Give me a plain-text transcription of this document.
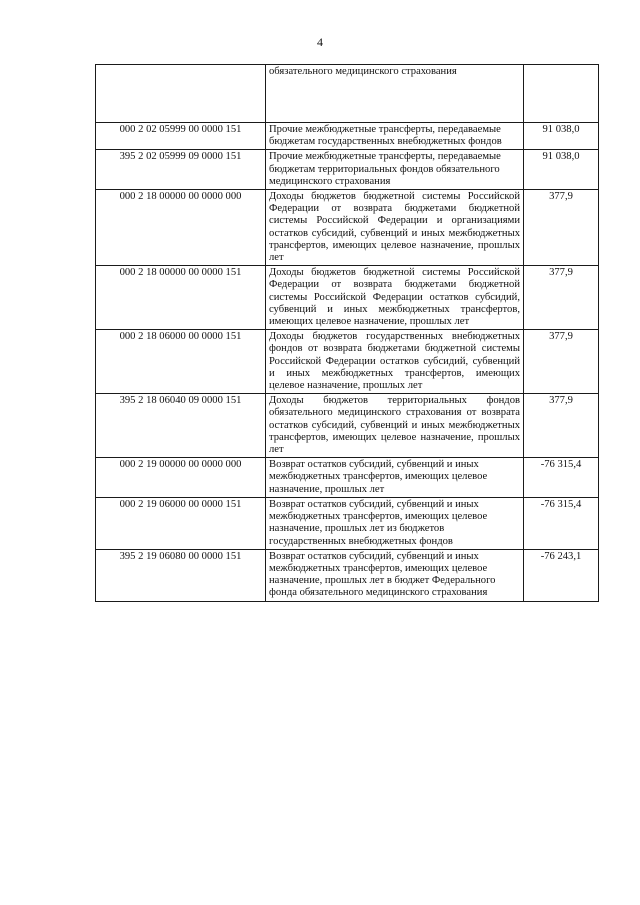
4
	обязательного медицинского страхования	
000 2 02 05999 00 0000 151	Прочие межбюджетные трансферты, передаваемые бюджетам государственных внебюджетных фондов	91 038,0
395 2 02 05999 09 0000 151	Прочие межбюджетные трансферты, передаваемые бюджетам территориальных фондов обязательного медицинского страхования	91 038,0
000 2 18 00000 00 0000 000	Доходы бюджетов бюджетной системы Российской Федерации от возврата бюджетами бюджетной системы Российской Федерации и организациями остатков субсидий, субвенций и иных межбюджетных трансфертов, имеющих целевое назначение, прошлых лет	377,9
000 2 18 00000 00 0000 151	Доходы бюджетов бюджетной системы Российской Федерации от возврата бюджетами бюджетной системы Российской Федерации остатков субсидий, субвенций и иных межбюджетных трансфертов, имеющих целевое назначение, прошлых лет	377,9
000 2 18 06000 00 0000 151	Доходы бюджетов государственных внебюджетных фондов от возврата бюджетами бюджетной системы Российской Федерации остатков субсидий, субвенций и иных межбюджетных трансфертов, имеющих целевое назначение, прошлых лет	377,9
395 2 18 06040 09 0000 151	Доходы бюджетов территориальных фондов обязательного медицинского страхования от возврата остатков субсидий, субвенций и иных межбюджетных трансфертов, имеющих целевое назначение, прошлых лет	377,9
000 2 19 00000 00 0000 000	Возврат остатков субсидий, субвенций и иных межбюджетных трансфертов, имеющих целевое назначение, прошлых лет	-76 315,4
000 2 19 06000 00 0000 151	Возврат остатков субсидий, субвенций и иных межбюджетных трансфертов, имеющих целевое назначение, прошлых лет из бюджетов государственных внебюджетных фондов	-76 315,4
395 2 19 06080 00 0000 151	Возврат остатков субсидий, субвенций и иных межбюджетных трансфертов, имеющих целевое назначение, прошлых лет в бюджет Федерального фонда обязательного медицинского страхования	-76 243,1
